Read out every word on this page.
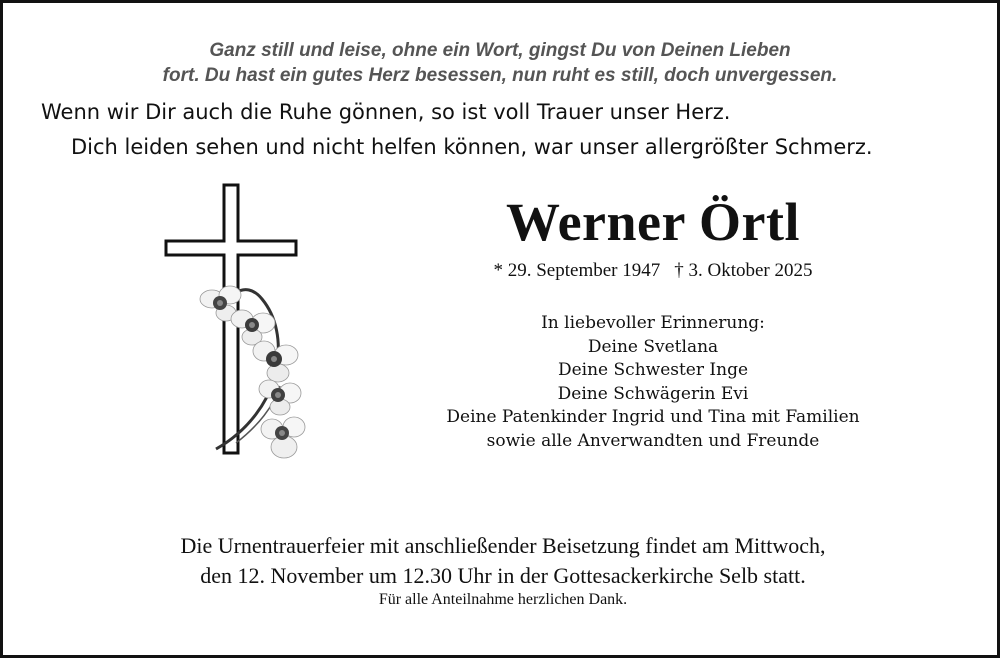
Ganz still und leise, ohne ein Wort, gingst Du von Deinen Lieben
fort. Du hast ein gutes Herz besessen, nun ruht es still, doch unvergessen.
Wenn wir Dir auch die Ruhe gönnen, so ist voll Trauer unser Herz.
Dich leiden sehen und nicht helfen können, war unser allergrößter Schmerz.
Werner Örtl
* 29. September 1947 † 3. Oktober 2025
In liebevoller Erinnerung:
Deine Svetlana
Deine Schwester Inge
Deine Schwägerin Evi
Deine Patenkinder Ingrid und Tina mit Familien
sowie alle Anverwandten und Freunde
Die Urnentrauerfeier mit anschließender Beisetzung findet am Mittwoch,
den 12. November um 12.30 Uhr in der Gottesackerkirche Selb statt.
Für alle Anteilnahme herzlichen Dank.
